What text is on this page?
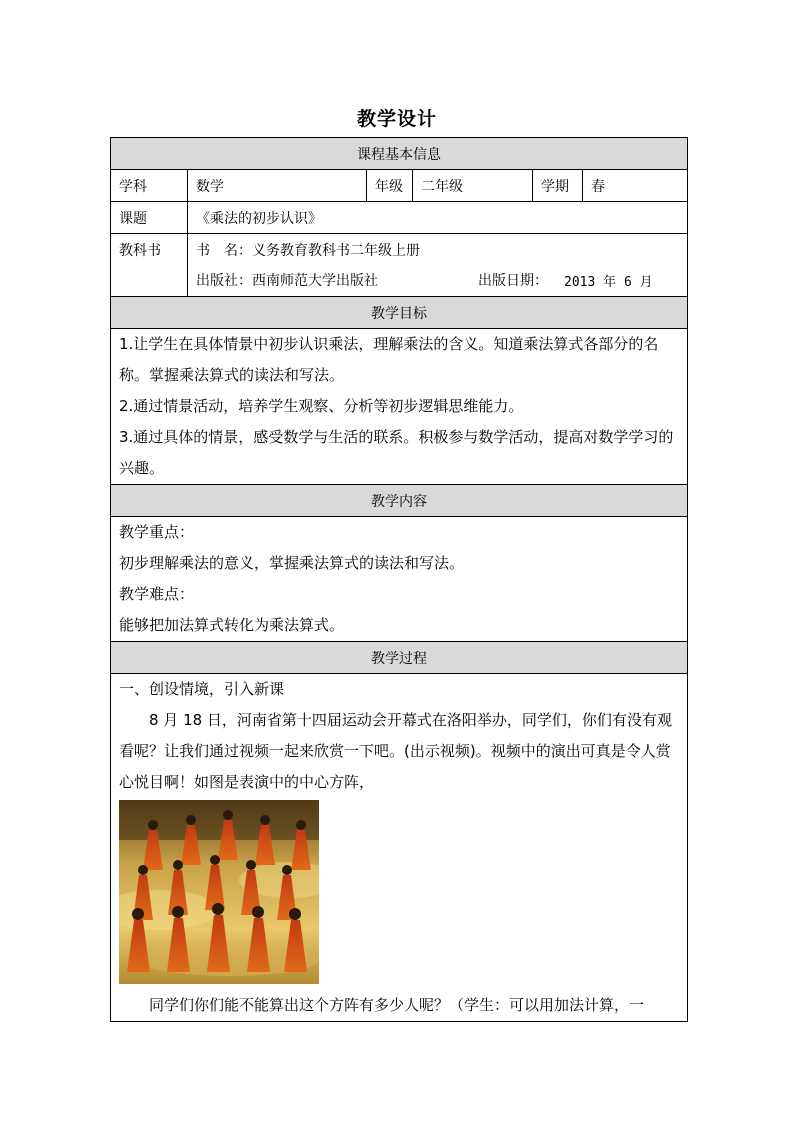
教学设计
课程基本信息					
学科	数学	年级	二年级	学期	春
课题	《乘法的初步认识》				
教科书	书　名： 义务教育教科书二年级上册
出版社：西南师范大学出版社 出版日期： 2013 年 6 月				

教学目标					

1.让学生在具体情景中初步认识乘法，理解乘法的含义。知道乘法算式各部分的名称。掌握乘法算式的读法和写法。

2.通过情景活动，培养学生观察、分析等初步逻辑思维能力。

3.通过具体的情景，感受数学与生活的联系。积极参与数学活动，提高对数学学习的兴趣。					

教学内容					

教学重点：

初步理解乘法的意义，掌握乘法算式的读法和写法。

教学难点：

能够把加法算式转化为乘法算式。					

教学过程					

一、创设情境，引入新课

8 月 18 日，河南省第十四届运动会开幕式在洛阳举办，同学们，你们有没有观看呢？让我们通过视频一起来欣赏一下吧。(出示视频)。视频中的演出可真是令人赏心悦目啊！如图是表演中的中心方阵，

同学们你们能不能算出这个方阵有多少人呢？（学生：可以用加法计算，一					
